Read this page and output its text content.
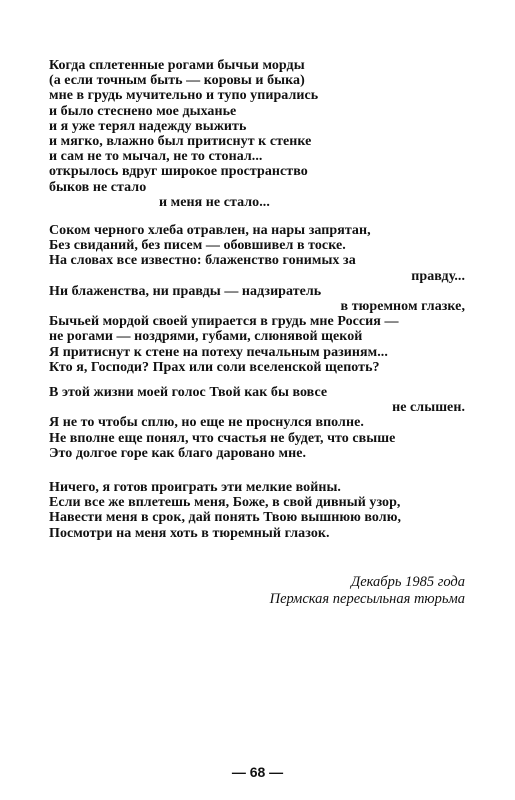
Когда сплетенные рогами бычьи морды
(а если точным быть — коровы и быка)
мне в грудь мучительно и тупо упирались
и было стеснено мое дыханье
и я уже терял надежду выжить
и мягко, влажно был притиснут к стенке
и сам не то мычал, не то стонал...
открылось вдруг широкое пространство
быков не стало
и меня не стало...
Соком черного хлеба отравлен, на нары запрятан,
Без свиданий, без писем — обовшивел в тоске.
На словах все известно: блаженство гонимых за
правду...
Ни блаженства, ни правды — надзиратель
в тюремном глазке,
Бычьей мордой своей упирается в грудь мне Россия —
не рогами — ноздрями, губами, слюнявой щекой
Я притиснут к стене на потеху печальным разиням...
Кто я, Господи? Прах или соли вселенской щепоть?
В этой жизни моей голос Твой как бы вовсе
не слышен.
Я не то чтобы сплю, но еще не проснулся вполне.
Не вполне еще понял, что счастья не будет, что свыше
Это долгое горе как благо даровано мне.
Ничего, я готов проиграть эти мелкие войны.
Если все же вплетешь меня, Боже, в свой дивный узор,
Навести меня в срок, дай понять Твою вышнюю волю,
Посмотри на меня хоть в тюремный глазок.
Декабрь 1985 года
Пермская пересыльная тюрьма
— 68 —
